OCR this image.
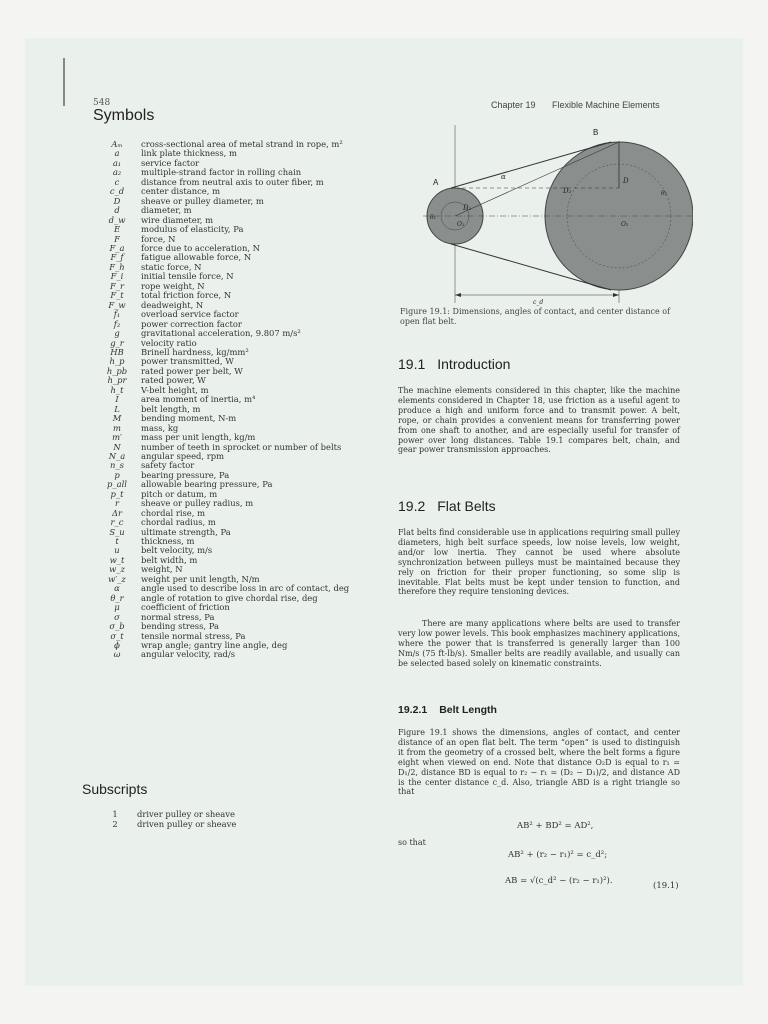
548	Chapter 19 Flexible Machine Elements
Symbols
Aₘ	cross-sectional area of metal strand in rope, m²
a	link plate thickness, m
a₁	service factor
a₂	multiple-strand factor in rolling chain
c	distance from neutral axis to outer fiber, m
c_d	center distance, m
D	sheave or pulley diameter, m
d	diameter, m
d_w	wire diameter, m
E	modulus of elasticity, Pa
F	force, N
F_a	force due to acceleration, N
F_f	fatigue allowable force, N
F_h	static force, N
F_i	initial tensile force, N
F_r	rope weight, N
F_t	total friction force, N
F_w	deadweight, N
f₁	overload service factor
f₂	power correction factor
g	gravitational acceleration, 9.807 m/s²
g_r	velocity ratio
HB	Brinell hardness, kg/mm²
h_p	power transmitted, W
h_pb	rated power per belt, W
h_pr	rated power, W
h_t	V-belt height, m
I	area moment of inertia, m⁴
L	belt length, m
M	bending moment, N-m
m	mass, kg
m′	mass per unit length, kg/m
N	number of teeth in sprocket or number of belts
N_a	angular speed, rpm
n_s	safety factor
p	bearing pressure, Pa
p_all	allowable bearing pressure, Pa
p_t	pitch or datum, m
r	sheave or pulley radius, m
Δr	chordal rise, m
r_c	chordal radius, m
S_u	ultimate strength, Pa
t	thickness, m
u	belt velocity, m/s
w_t	belt width, m
w_z	weight, N
w′_z	weight per unit length, N/m
α	angle used to describe loss in arc of contact, deg
θ_r	angle of rotation to give chordal rise, deg
μ	coefficient of friction
σ	normal stress, Pa
σ_b	bending stress, Pa
σ_t	tensile normal stress, Pa
ϕ	wrap angle; gantry line angle, deg
ω	angular velocity, rad/s
Subscripts
1	driver pulley or sheave
2	driven pulley or sheave
A
B
D
D₁
D₂
O₁	O₂
θ₁
θ₂
α
c_d
Figure 19.1: Dimensions, angles of contact, and center distance of open flat belt.
19.1 Introduction

The machine elements considered in this chapter, like the machine elements considered in Chapter 18, use friction as a useful agent to produce a high and uniform force and to transmit power. A belt, rope, or chain provides a convenient means for transferring power from one shaft to another, and are especially useful for transfer of power over long distances. Table 19.1 compares belt, chain, and gear power transmission approaches.

19.2 Flat Belts

Flat belts find considerable use in applications requiring small pulley diameters, high belt surface speeds, low noise levels, low weight, and/or low inertia. They cannot be used where absolute synchronization between pulleys must be maintained because they rely on friction for their proper functioning, so some slip is inevitable. Flat belts must be kept under tension to function, and therefore they require tensioning devices.

There are many applications where belts are used to transfer very low power levels. This book emphasizes machinery applications, where the power that is transferred is generally larger than 100 Nm/s (75 ft-lb/s). Smaller belts are readily available, and usually can be selected based solely on kinematic constraints.

19.2.1 Belt Length

Figure 19.1 shows the dimensions, angles of contact, and center distance of an open flat belt. The term “open” is used to distinguish it from the geometry of a crossed belt, where the belt forms a figure eight when viewed on end. Note that distance O₂D is equal to r₁ = D₁/2, distance BD is equal to r₂ − r₁ = (D₂ − D₁)/2, and distance AD is the center distance c_d. Also, triangle ABD is a right triangle so that

AB² + BD² = AD²,
so that
AB² + (r₂ − r₁)² = c_d²;
AB = √(c_d² − (r₂ − r₁)²).	(19.1)
